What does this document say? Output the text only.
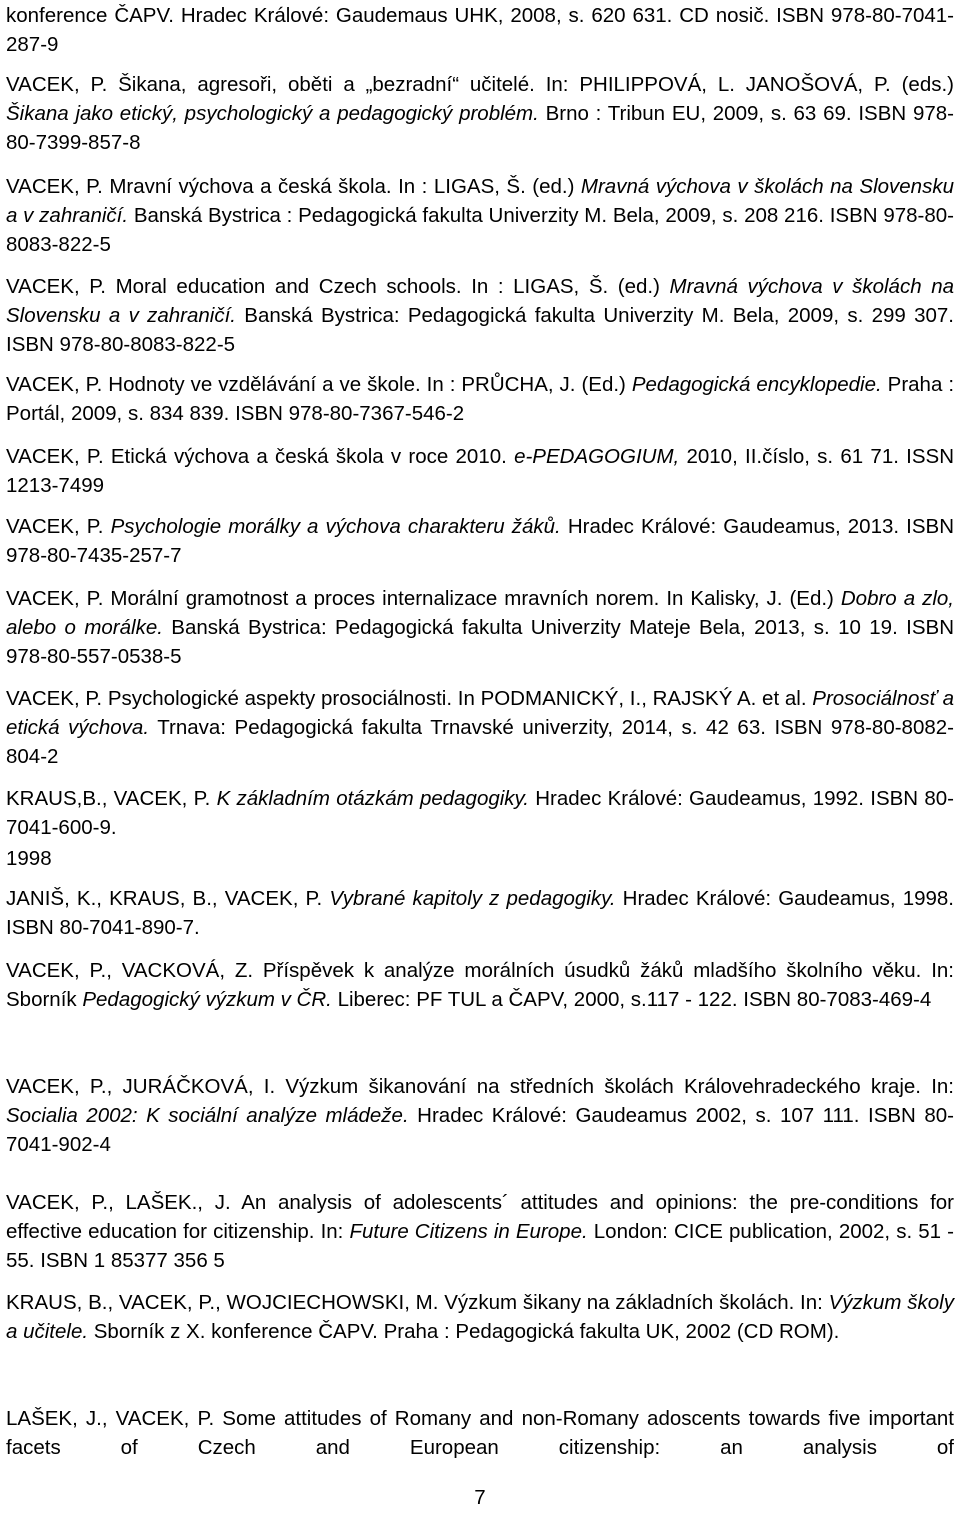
konference ČAPV. Hradec Králové: Gaudemaus UHK, 2008, s. 620 631. CD nosič. ISBN 978-80-7041-287-9
VACEK, P. Šikana, agresoři, oběti a „bezradní“ učitelé. In: PHILIPPOVÁ, L. JANOŠOVÁ, P. (eds.) Šikana jako etický, psychologický a pedagogický problém. Brno : Tribun EU, 2009, s. 63 69. ISBN 978-80-7399-857-8
VACEK, P. Mravní výchova a česká škola. In : LIGAS, Š. (ed.) Mravná výchova v školách na Slovensku a v zahraničí. Banská Bystrica : Pedagogická fakulta Univerzity M. Bela, 2009, s. 208 216. ISBN 978-80-8083-822-5
VACEK, P. Moral education and Czech schools. In : LIGAS, Š. (ed.) Mravná výchova v školách na Slovensku a v zahraničí. Banská Bystrica: Pedagogická fakulta Univerzity M. Bela, 2009, s. 299 307. ISBN 978-80-8083-822-5
VACEK, P. Hodnoty ve vzdělávání a ve škole. In : PRŮCHA, J. (Ed.) Pedagogická encyklopedie. Praha : Portál, 2009, s. 834 839. ISBN 978-80-7367-546-2
VACEK, P. Etická výchova a česká škola v roce 2010. e-PEDAGOGIUM, 2010, II.číslo, s. 61 71. ISSN 1213-7499
VACEK, P. Psychologie morálky a výchova charakteru žáků. Hradec Králové: Gaudeamus, 2013. ISBN 978-80-7435-257-7
VACEK, P. Morální gramotnost a proces internalizace mravních norem. In Kalisky, J. (Ed.) Dobro a zlo, alebo o morálke. Banská Bystrica: Pedagogická fakulta Univerzity Mateje Bela, 2013, s. 10 19. ISBN 978-80-557-0538-5
VACEK, P. Psychologické aspekty prosociálnosti. In PODMANICKÝ, I., RAJSKÝ A. et al. Prosociálnosť a etická výchova. Trnava: Pedagogická fakulta Trnavské univerzity, 2014, s. 42 63. ISBN 978-80-8082-804-2
KRAUS,B., VACEK, P. K základním otázkám pedagogiky. Hradec Králové: Gaudeamus, 1992. ISBN 80-7041-600-9.
1998
JANIŠ, K., KRAUS, B., VACEK, P. Vybrané kapitoly z pedagogiky. Hradec Králové: Gaudeamus, 1998. ISBN 80-7041-890-7.
VACEK, P., VACKOVÁ, Z. Příspěvek k analýze morálních úsudků žáků mladšího školního věku. In: Sborník Pedagogický výzkum v ČR. Liberec: PF TUL a ČAPV, 2000, s.117 - 122. ISBN 80-7083-469-4
VACEK, P., JURÁČKOVÁ, I. Výzkum šikanování na středních školách Královehradeckého kraje. In: Socialia 2002: K sociální analýze mládeže. Hradec Králové: Gaudeamus 2002, s. 107 111. ISBN 80-7041-902-4
VACEK, P., LAŠEK., J. An analysis of adolescents´ attitudes and opinions: the pre-conditions for effective education for citizenship. In: Future Citizens in Europe. London: CICE publication, 2002, s. 51 - 55. ISBN 1 85377 356 5
KRAUS, B., VACEK, P., WOJCIECHOWSKI, M. Výzkum šikany na základních školách. In: Výzkum školy a učitele. Sborník z X. konference ČAPV. Praha : Pedagogická fakulta UK, 2002 (CD ROM).
LAŠEK, J., VACEK, P. Some attitudes of Romany and non-Romany adoscents towards five important facets of Czech and European citizenship: an analysis of
7
